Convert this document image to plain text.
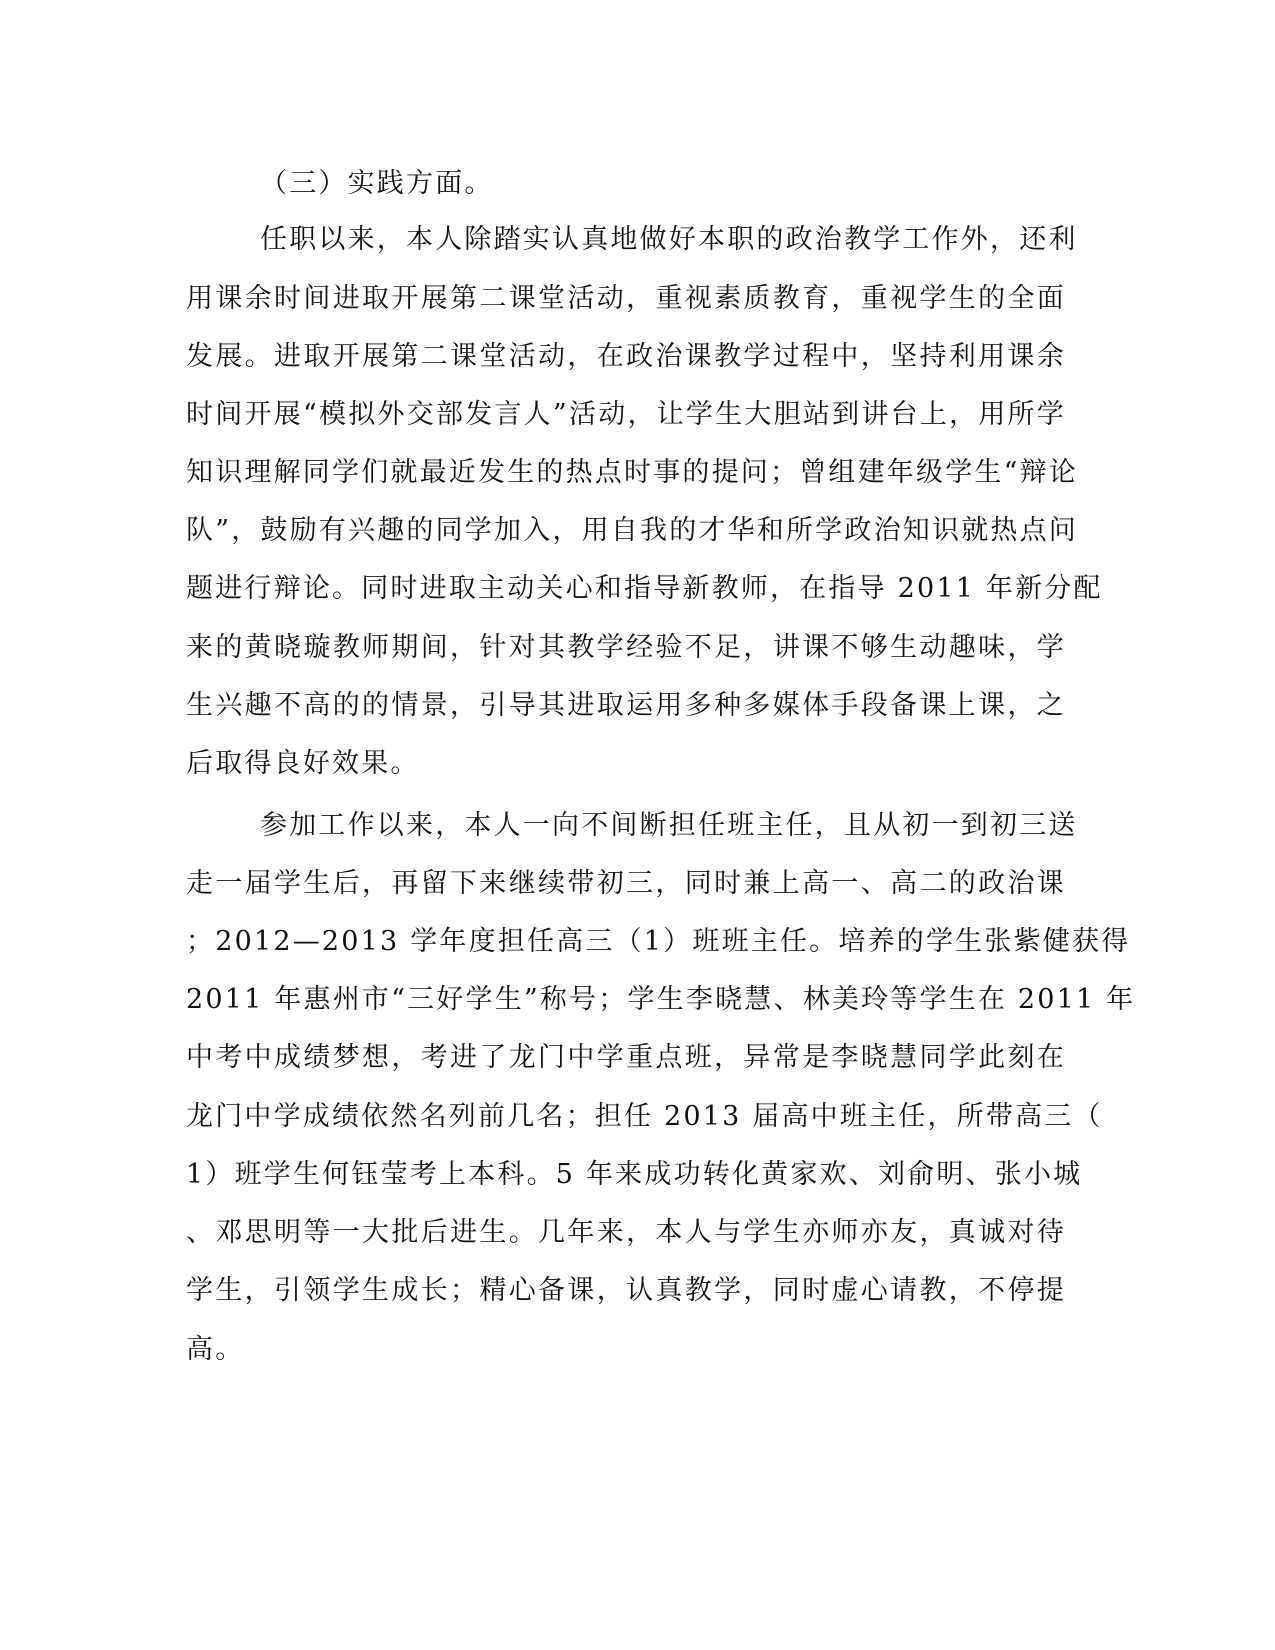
（三）实践方面。
任职以来，本人除踏实认真地做好本职的政治教学工作外，还利
用课余时间进取开展第二课堂活动，重视素质教育，重视学生的全面
发展。进取开展第二课堂活动，在政治课教学过程中，坚持利用课余
时间开展“模拟外交部发言人”活动，让学生大胆站到讲台上，用所学
知识理解同学们就最近发生的热点时事的提问；曾组建年级学生“辩论
队”，鼓励有兴趣的同学加入，用自我的才华和所学政治知识就热点问
题进行辩论。同时进取主动关心和指导新教师，在指导 2011 年新分配
来的黄晓璇教师期间，针对其教学经验不足，讲课不够生动趣味，学
生兴趣不高的的情景，引导其进取运用多种多媒体手段备课上课，之
后取得良好效果。
参加工作以来，本人一向不间断担任班主任，且从初一到初三送
走一届学生后，再留下来继续带初三，同时兼上高一、高二的政治课
；2012—2013 学年度担任高三（1）班班主任。培养的学生张紫健获得
2011 年惠州市“三好学生”称号；学生李晓慧、林美玲等学生在 2011 年
中考中成绩梦想，考进了龙门中学重点班，异常是李晓慧同学此刻在
龙门中学成绩依然名列前几名；担任 2013 届高中班主任，所带高三（
1）班学生何钰莹考上本科。5 年来成功转化黄家欢、刘俞明、张小城
、邓思明等一大批后进生。几年来，本人与学生亦师亦友，真诚对待
学生，引领学生成长；精心备课，认真教学，同时虚心请教，不停提
高。
